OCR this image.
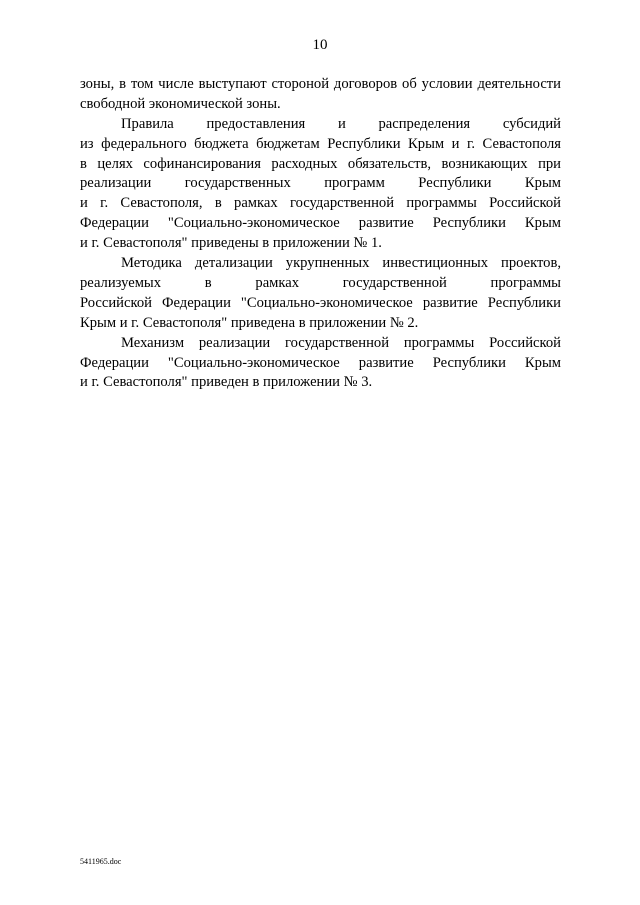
10

зоны, в том числе выступают стороной договоров об условии деятельности
свободной экономической зоны.

Правила предоставления и распределения субсидий
из федерального бюджета бюджетам Республики Крым и г. Севастополя
в целях софинансирования расходных обязательств, возникающих при
реализации государственных программ Республики Крым
и г. Севастополя, в рамках государственной программы Российской
Федерации "Социально-экономическое развитие Республики Крым
и г. Севастополя" приведены в приложении № 1.

Методика детализации укрупненных инвестиционных проектов,
реализуемых в рамках государственной программы
Российской Федерации "Социально-экономическое развитие Республики
Крым и г. Севастополя" приведена в приложении № 2.

Механизм реализации государственной программы Российской
Федерации "Социально-экономическое развитие Республики Крым
и г. Севастополя" приведен в приложении № 3.

5411965.doc
